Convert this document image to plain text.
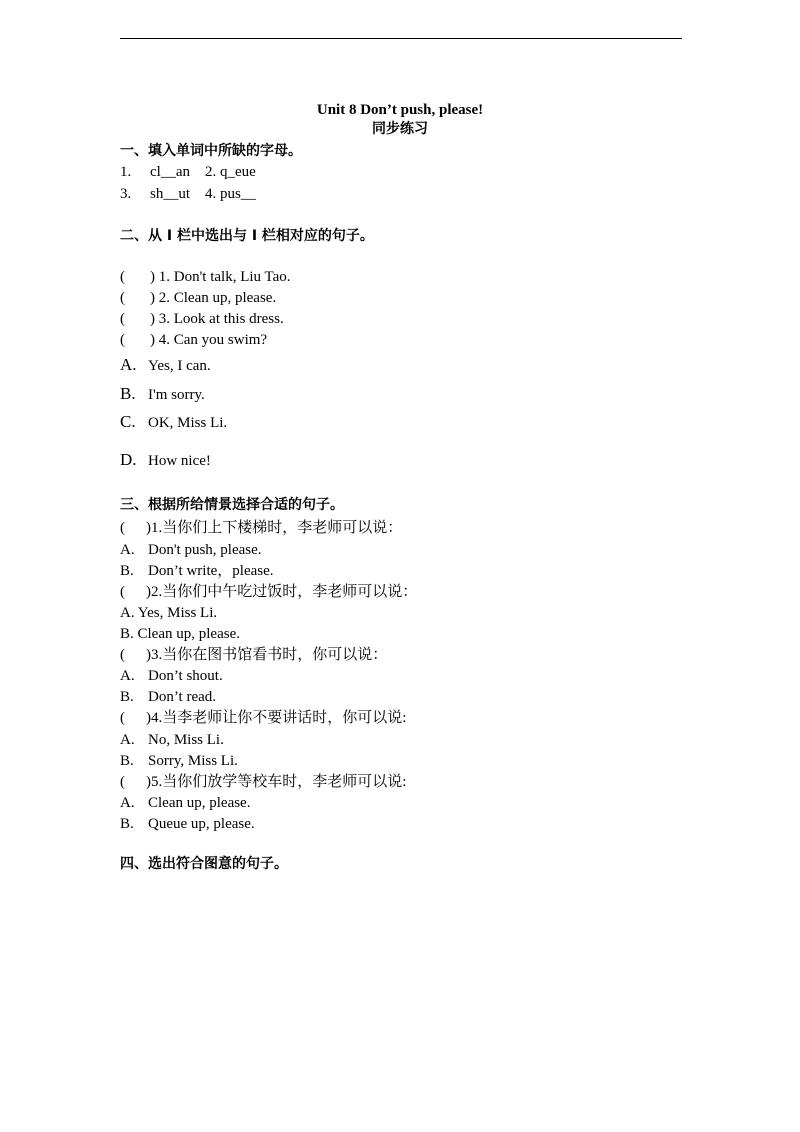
Unit 8 Don’t push, please!
同步练习
一、填入单词中所缺的字母。
1.     cl__an    2. q_eue
3.     sh__ut    4. pus__
二、从 I 栏中选出与 I 栏相对应的句子。
( ) 1. Don't talk, Liu Tao.
( ) 2. Clean up, please.
( ) 3. Look at this dress.
( ) 4. Can you swim?
A. Yes, I can.
B. I'm sorry.
C. OK, Miss Li.
D. How nice!
三、根据所给情景选择合适的句子。
( )1.当你们上下楼梯时，李老师可以说：
A. Don't push, please.
B. Don’t write，please.
( )2.当你们中午吃过饭时，李老师可以说：
A. Yes, Miss Li.
B. Clean up, please.
( )3.当你在图书馆看书时，你可以说：
A. Don’t shout.
B. Don’t read.
( )4.当李老师让你不要讲话时，你可以说:
A. No, Miss Li.
B. Sorry, Miss Li.
( )5.当你们放学等校车时，李老师可以说:
A. Clean up, please.
B. Queue up, please.
四、选出符合图意的句子。
